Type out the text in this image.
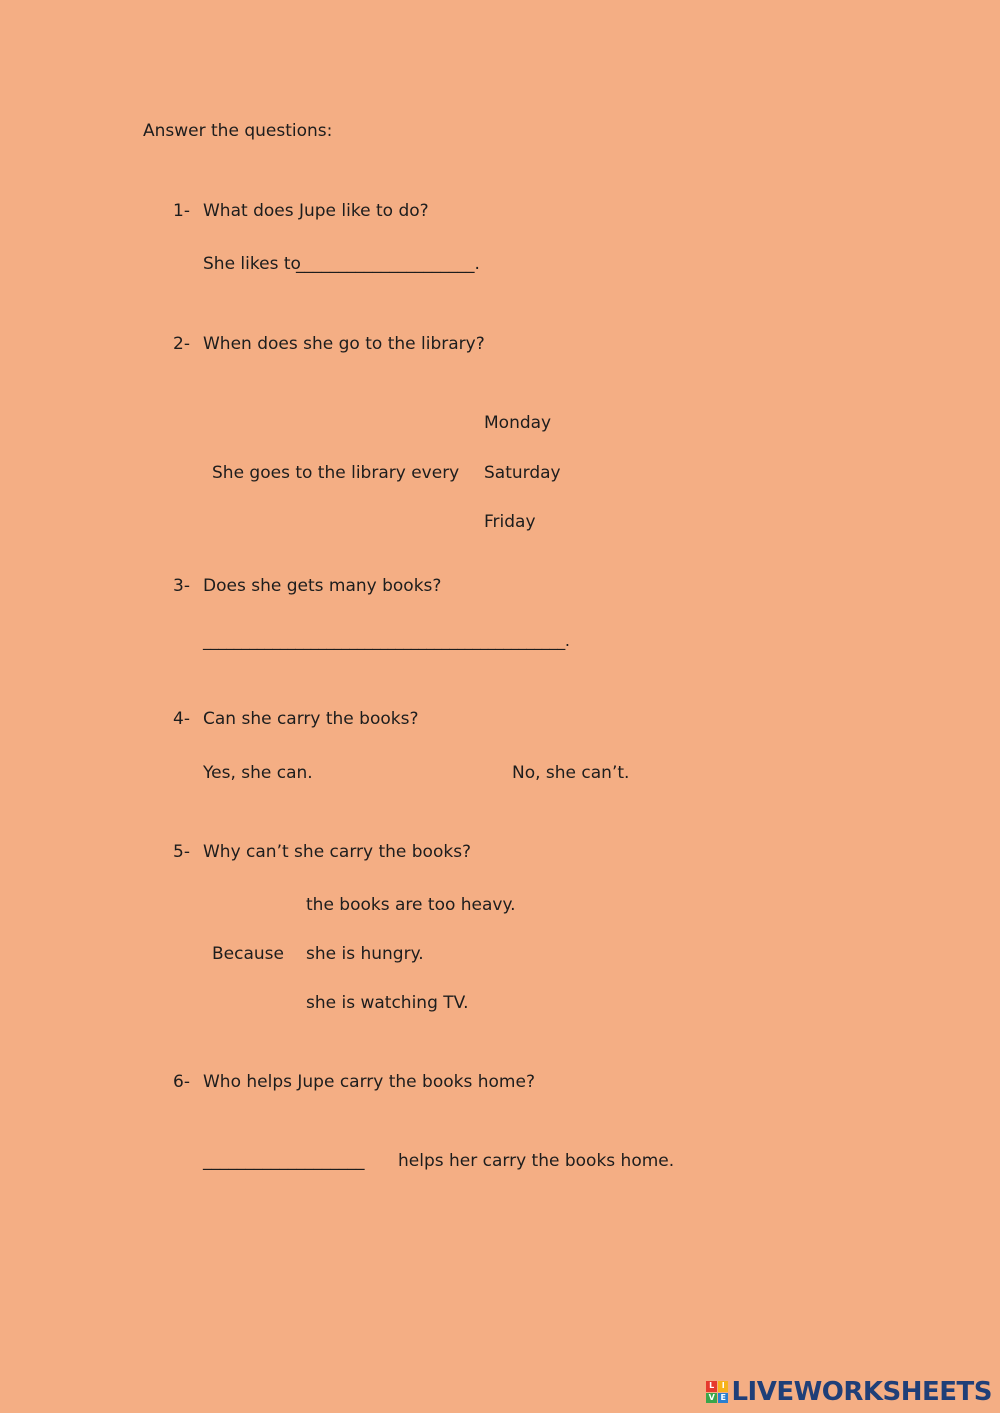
Answer the questions:
1- What does Jupe like to do?
She likes to
_____________________.
2- When does she go to the library?
She goes to the library every
Monday
Saturday
Friday
3- Does she gets many books?
_______________________________________________.
4- Can she carry the books?
Yes, she can.	No, she can’t.
5- Why can’t she carry the books?
Because
the books are too heavy.
she is hungry.
she is watching TV.
6- Who helps Jupe carry the books home?
___________________ helps her carry the books home.
L I
V E LIVEWORKSHEETS
